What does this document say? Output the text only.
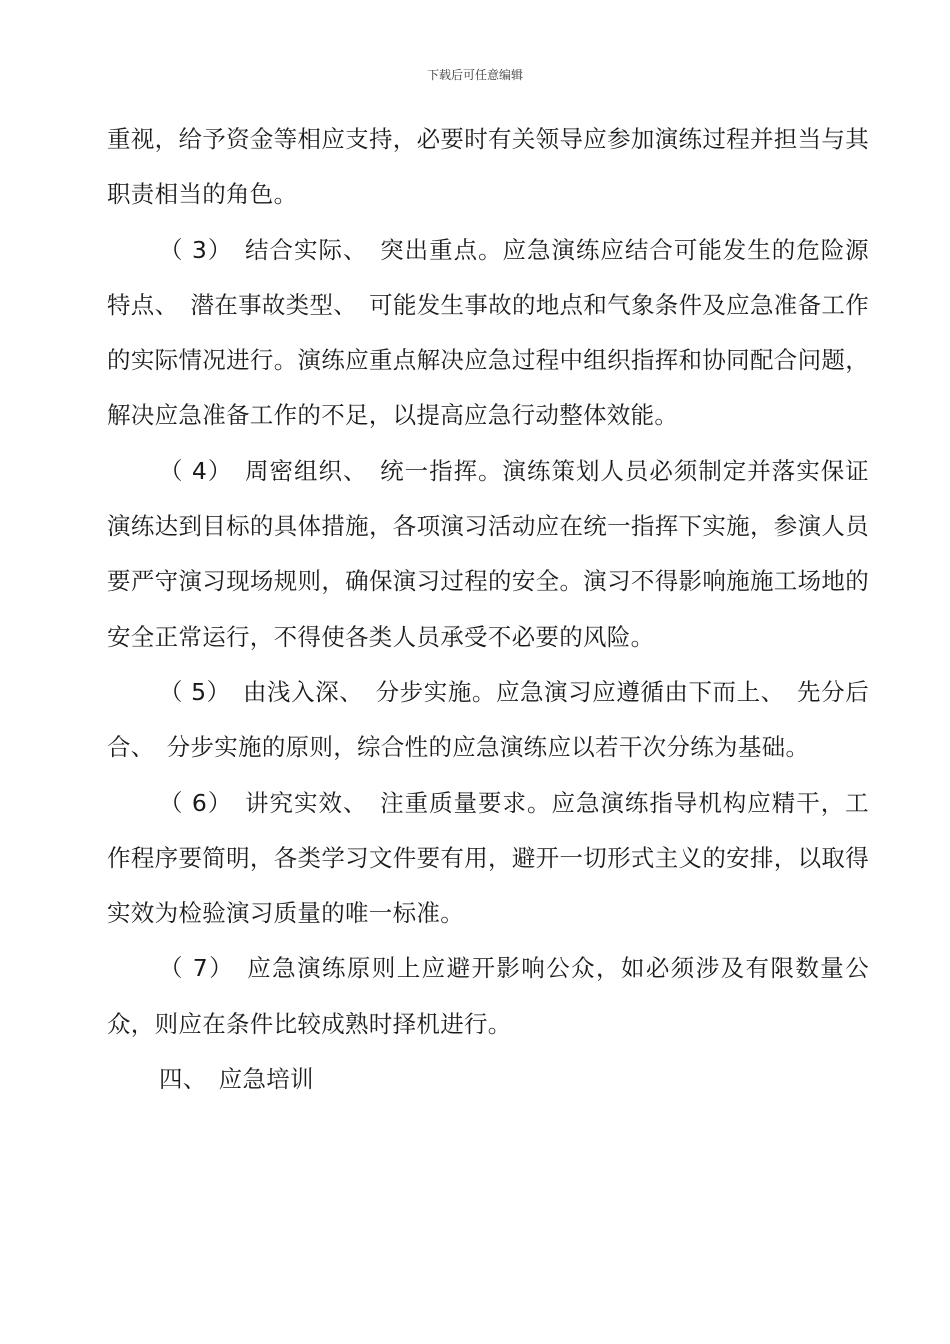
下载后可任意编辑

重视，给予资金等相应支持，必要时有关领导应参加演练过程并担当与其职责相当的角色。

（ 3）　结合实际、　突出重点。应急演练应结合可能发生的危险源特点、　潜在事故类型、　可能发生事故的地点和气象条件及应急准备工作的实际情况进行。演练应重点解决应急过程中组织指挥和协同配合问题，解决应急准备工作的不足，以提高应急行动整体效能。

（ 4）　周密组织、　统一指挥。演练策划人员必须制定并落实保证演练达到目标的具体措施，各项演习活动应在统一指挥下实施，参演人员要严守演习现场规则，确保演习过程的安全。演习不得影响施施工场地的安全正常运行，不得使各类人员承受不必要的风险。

（ 5）　由浅入深、　分步实施。应急演习应遵循由下而上、　先分后合、　分步实施的原则，综合性的应急演练应以若干次分练为基础。

（ 6）　讲究实效、　注重质量要求。应急演练指导机构应精干，工作程序要简明，各类学习文件要有用，避开一切形式主义的安排，以取得实效为检验演习质量的唯一标准。

（ 7）　应急演练原则上应避开影响公众，如必须涉及有限数量公众，则应在条件比较成熟时择机进行。

四、　应急培训
